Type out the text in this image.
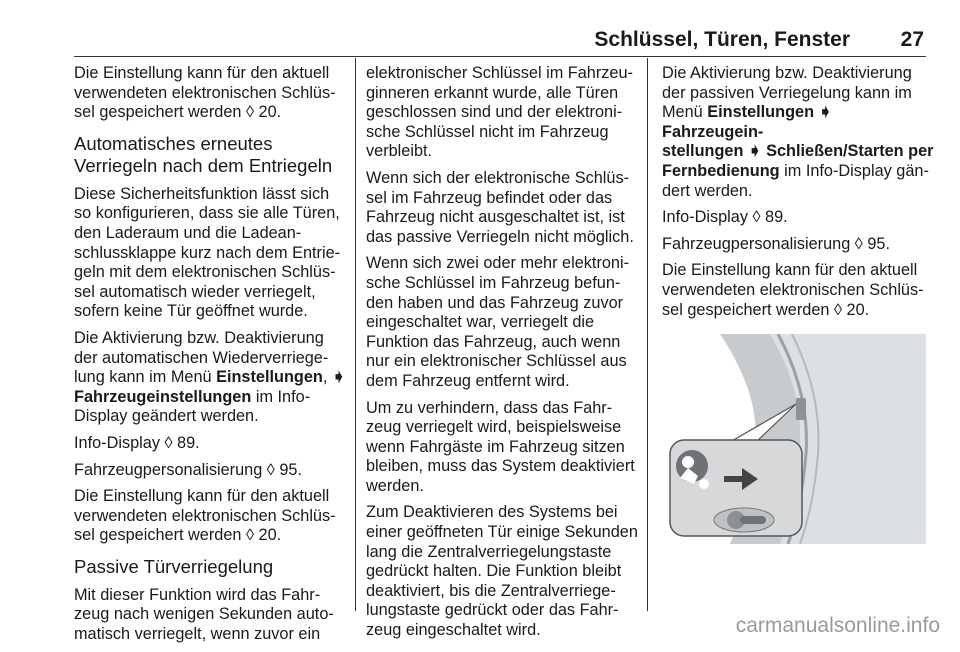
Schlüssel, Türen, Fenster 27

Die Einstellung kann für den aktuell
verwendeten elektronischen Schlüs-
sel gespeichert werden ◊ 20.

Automatisches erneutes
Verriegeln nach dem Entriegeln

Diese Sicherheitsfunktion lässt sich
so konfigurieren, dass sie alle Türen,
den Laderaum und die Ladean-
schlussklappe kurz nach dem Entrie-
geln mit dem elektronischen Schlüs-
sel automatisch wieder verriegelt,
sofern keine Tür geöffnet wurde.

Die Aktivierung bzw. Deaktivierung
der automatischen Wiederverriege-
lung kann im Menü Einstellungen, ➧
Fahrzeugeinstellungen im Info-
Display geändert werden.

Info-Display ◊ 89.

Fahrzeugpersonalisierung ◊ 95.

Die Einstellung kann für den aktuell
verwendeten elektronischen Schlüs-
sel gespeichert werden ◊ 20.

Passive Türverriegelung

Mit dieser Funktion wird das Fahr-
zeug nach wenigen Sekunden auto-
matisch verriegelt, wenn zuvor ein

elektronischer Schlüssel im Fahrzeu-
ginneren erkannt wurde, alle Türen
geschlossen sind und der elektroni-
sche Schlüssel nicht im Fahrzeug
verbleibt.

Wenn sich der elektronische Schlüs-
sel im Fahrzeug befindet oder das
Fahrzeug nicht ausgeschaltet ist, ist
das passive Verriegeln nicht möglich.

Wenn sich zwei oder mehr elektroni-
sche Schlüssel im Fahrzeug befun-
den haben und das Fahrzeug zuvor
eingeschaltet war, verriegelt die
Funktion das Fahrzeug, auch wenn
nur ein elektronischer Schlüssel aus
dem Fahrzeug entfernt wird.

Um zu verhindern, dass das Fahr-
zeug verriegelt wird, beispielsweise
wenn Fahrgäste im Fahrzeug sitzen
bleiben, muss das System deaktiviert
werden.

Zum Deaktivieren des Systems bei
einer geöffneten Tür einige Sekunden
lang die Zentralverriegelungstaste
gedrückt halten. Die Funktion bleibt
deaktiviert, bis die Zentralverriege-
lungstaste gedrückt oder das Fahr-
zeug eingeschaltet wird.

Die Aktivierung bzw. Deaktivierung
der passiven Verriegelung kann im
Menü Einstellungen ➧ Fahrzeugein-
stellungen ➧ Schließen/Starten per
Fernbedienung im Info-Display gän-
dert werden.

Info-Display ◊ 89.

Fahrzeugpersonalisierung ◊ 95.

Die Einstellung kann für den aktuell
verwendeten elektronischen Schlüs-
sel gespeichert werden ◊ 20.

carmanualsonline.info
